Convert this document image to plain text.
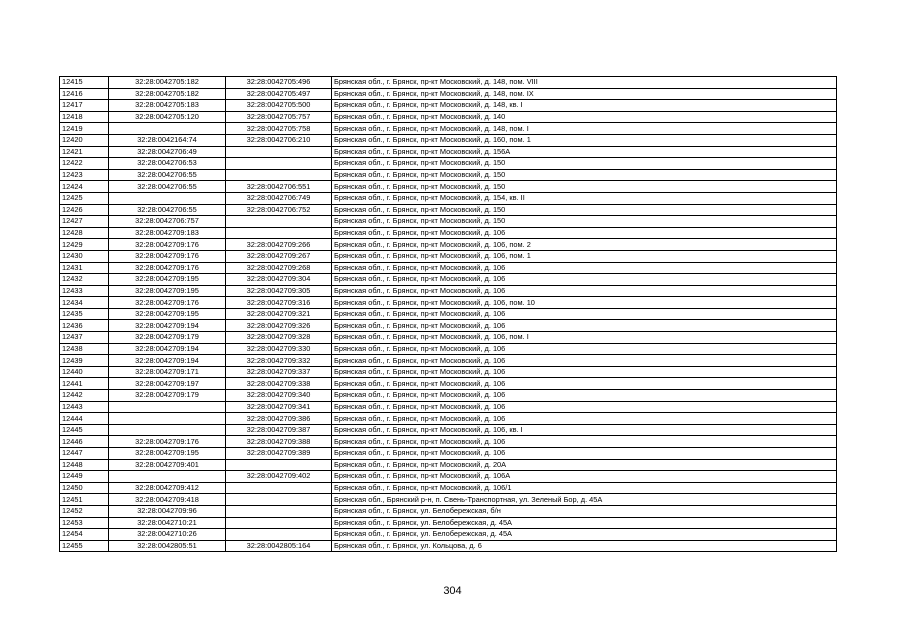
12415	32:28:0042705:182	32:28:0042705:496	Брянская обл., г. Брянск, пр-кт Московский, д. 148, пом. VIII
12416	32:28:0042705:182	32:28:0042705:497	Брянская обл., г. Брянск, пр-кт Московский, д. 148, пом. IX
12417	32:28:0042705:183	32:28:0042705:500	Брянская обл., г. Брянск, пр-кт Московский, д. 148, кв. I
12418	32:28:0042705:120	32:28:0042705:757	Брянская обл., г. Брянск, пр-кт Московский, д. 140
12419		32:28:0042705:758	Брянская обл., г. Брянск, пр-кт Московский, д. 148, пом. I
12420	32:28:0042164:74	32:28:0042706:210	Брянская обл., г. Брянск, пр-кт Московский, д. 160, пом. 1
12421	32:28:0042706:49		Брянская обл., г. Брянск, пр-кт Московский, д. 156А
12422	32:28:0042706:53		Брянская обл., г. Брянск, пр-кт Московский, д. 150
12423	32:28:0042706:55		Брянская обл., г. Брянск, пр-кт Московский, д. 150
12424	32:28:0042706:55	32:28:0042706:551	Брянская обл., г. Брянск, пр-кт Московский, д. 150
12425		32:28:0042706:749	Брянская обл., г. Брянск, пр-кт Московский, д. 154, кв. II
12426	32:28:0042706:55	32:28:0042706:752	Брянская обл., г. Брянск, пр-кт Московский, д. 150
12427	32:28:0042706:757		Брянская обл., г. Брянск, пр-кт Московский, д. 150
12428	32:28:0042709:183		Брянская обл., г. Брянск, пр-кт Московский, д. 106
12429	32:28:0042709:176	32:28:0042709:266	Брянская обл., г. Брянск, пр-кт Московский, д. 106, пом. 2
12430	32:28:0042709:176	32:28:0042709:267	Брянская обл., г. Брянск, пр-кт Московский, д. 106, пом. 1
12431	32:28:0042709:176	32:28:0042709:268	Брянская обл., г. Брянск, пр-кт Московский, д. 106
12432	32:28:0042709:195	32:28:0042709:304	Брянская обл., г. Брянск, пр-кт Московский, д. 106
12433	32:28:0042709:195	32:28:0042709:305	Брянская обл., г. Брянск, пр-кт Московский, д. 106
12434	32:28:0042709:176	32:28:0042709:316	Брянская обл., г. Брянск, пр-кт Московский, д. 106, пом. 10
12435	32:28:0042709:195	32:28:0042709:321	Брянская обл., г. Брянск, пр-кт Московский, д. 106
12436	32:28:0042709:194	32:28:0042709:326	Брянская обл., г. Брянск, пр-кт Московский, д. 106
12437	32:28:0042709:179	32:28:0042709:328	Брянская обл., г. Брянск, пр-кт Московский, д. 106, пом. I
12438	32:28:0042709:194	32:28:0042709:330	Брянская обл., г. Брянск, пр-кт Московский, д. 106
12439	32:28:0042709:194	32:28:0042709:332	Брянская обл., г. Брянск, пр-кт Московский, д. 106
12440	32:28:0042709:171	32:28:0042709:337	Брянская обл., г. Брянск, пр-кт Московский, д. 106
12441	32:28:0042709:197	32:28:0042709:338	Брянская обл., г. Брянск, пр-кт Московский, д. 106
12442	32:28:0042709:179	32:28:0042709:340	Брянская обл., г. Брянск, пр-кт Московский, д. 106
12443		32:28:0042709:341	Брянская обл., г. Брянск, пр-кт Московский, д. 106
12444		32:28:0042709:386	Брянская обл., г. Брянск, пр-кт Московский, д. 106
12445		32:28:0042709:387	Брянская обл., г. Брянск, пр-кт Московский, д. 106, кв. I
12446	32:28:0042709:176	32:28:0042709:388	Брянская обл., г. Брянск, пр-кт Московский, д. 106
12447	32:28:0042709:195	32:28:0042709:389	Брянская обл., г. Брянск, пр-кт Московский, д. 106
12448	32:28:0042709:401		Брянская обл., г. Брянск, пр-кт Московский, д. 20А
12449		32:28:0042709:402	Брянская обл., г. Брянск, пр-кт Московский, д. 106А
12450	32:28:0042709:412		Брянская обл., г. Брянск, пр-кт Московский, д. 106/1
12451	32:28:0042709:418		Брянская обл., Брянский р-н, п. Свень-Транспортная, ул. Зеленый Бор, д. 45А
12452	32:28:0042709:96		Брянская обл., г. Брянск, ул. Белобережская, б/н
12453	32:28:0042710:21		Брянская обл., г. Брянск, ул. Белобережская, д. 45А
12454	32:28:0042710:26		Брянская обл., г. Брянск, ул. Белобережская, д. 45А
12455	32:28:0042805:51	32:28:0042805:164	Брянская обл., г. Брянск, ул. Кольцова, д. 6
304
